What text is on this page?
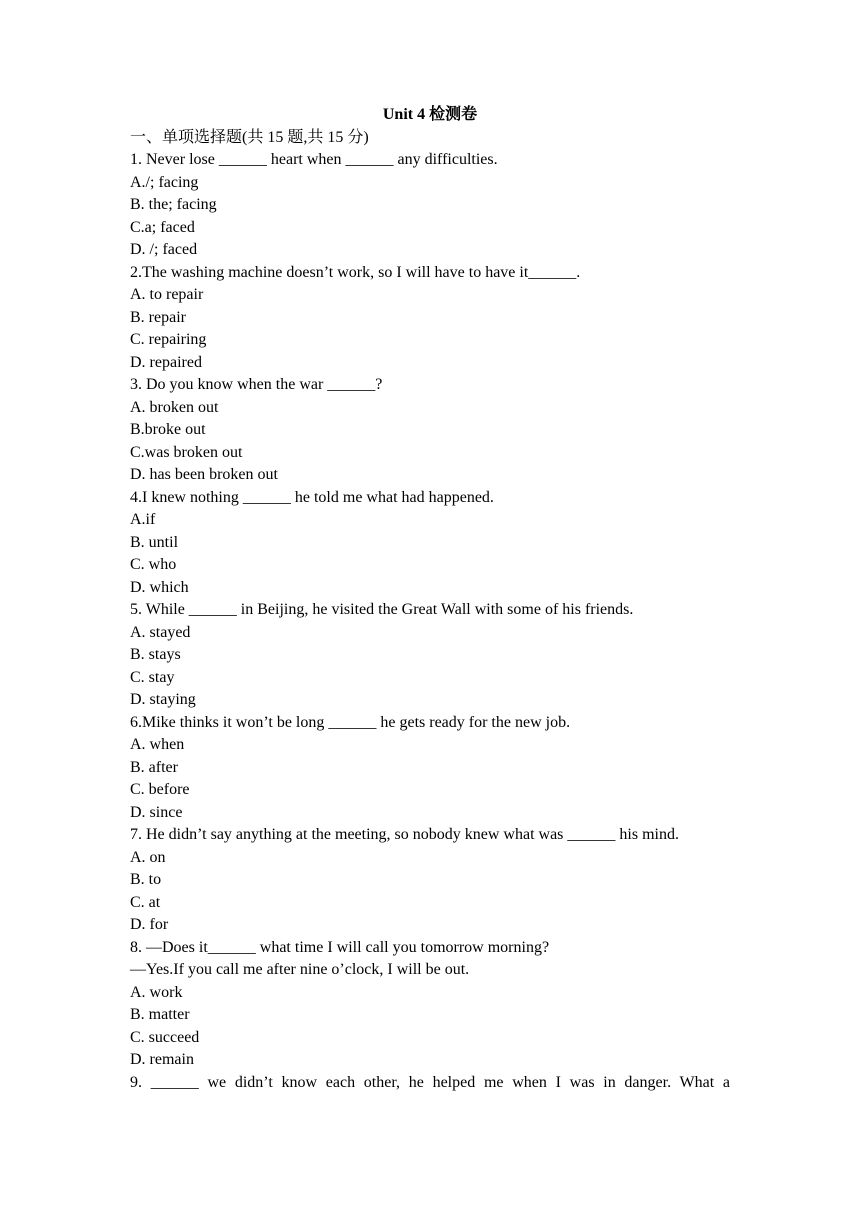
Unit 4 检测卷
一、单项选择题(共 15 题,共 15 分)
1. Never lose ______ heart when ______ any difficulties.
A./; facing
B. the; facing
C.a; faced
D. /; faced
2.The washing machine doesn’t work, so I will have to have it______.
A. to repair
B. repair
C. repairing
D. repaired
3. Do you know when the war ______?
A. broken out
B.broke out
C.was broken out
D. has been broken out
4.I knew nothing ______ he told me what had happened.
A.if
B. until
C. who
D. which
5. While ______ in Beijing, he visited the Great Wall with some of his friends.
A. stayed
B. stays
C. stay
D. staying
6.Mike thinks it won’t be long ______ he gets ready for the new job.
A. when
B. after
C. before
D. since
7. He didn’t say anything at the meeting, so nobody knew what was ______ his mind.
A. on
B. to
C. at
D. for
8. —Does it______ what time I will call you tomorrow morning?
—Yes.If you call me after nine o’clock, I will be out.
A. work
B. matter
C. succeed
D. remain
9. ______ we didn’t know each other, he helped me when I was in danger. What a
